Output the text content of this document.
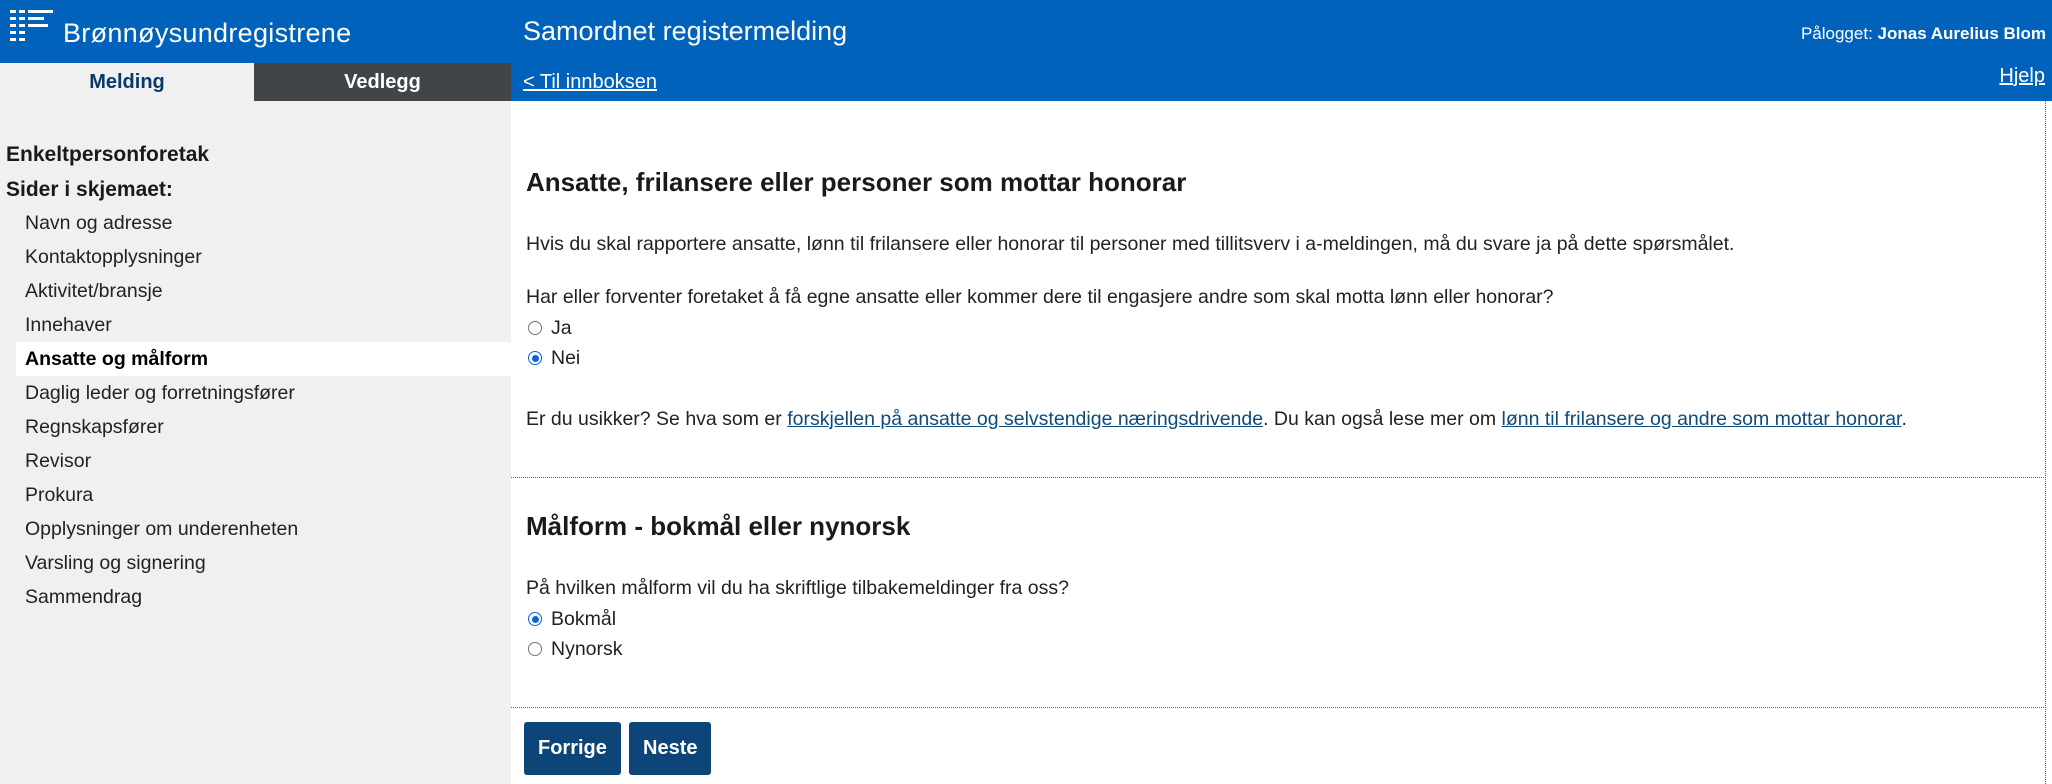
Brønnøysundregistrene	Samordnet registermelding	Pålogget: Jonas Aurelius Blom
Melding	Vedlegg	< Til innboksen	Hjelp
Enkeltpersonforetak
Sider i skjemaet:
Navn og adresse
Kontaktopplysninger
Aktivitet/bransje
Innehaver
Ansatte og målform
Daglig leder og forretningsfører
Regnskapsfører
Revisor
Prokura
Opplysninger om underenheten
Varsling og signering
Sammendrag
Ansatte, frilansere eller personer som mottar honorar
Hvis du skal rapportere ansatte, lønn til frilansere eller honorar til personer med tillitsverv i a-meldingen, må du svare ja på dette spørsmålet.
Har eller forventer foretaket å få egne ansatte eller kommer dere til engasjere andre som skal motta lønn eller honorar?
Ja
Nei
Er du usikker? Se hva som er forskjellen på ansatte og selvstendige næringsdrivende. Du kan også lese mer om lønn til frilansere og andre som mottar honorar.
Målform - bokmål eller nynorsk
På hvilken målform vil du ha skriftlige tilbakemeldinger fra oss?
Bokmål
Nynorsk
Forrige	Neste
